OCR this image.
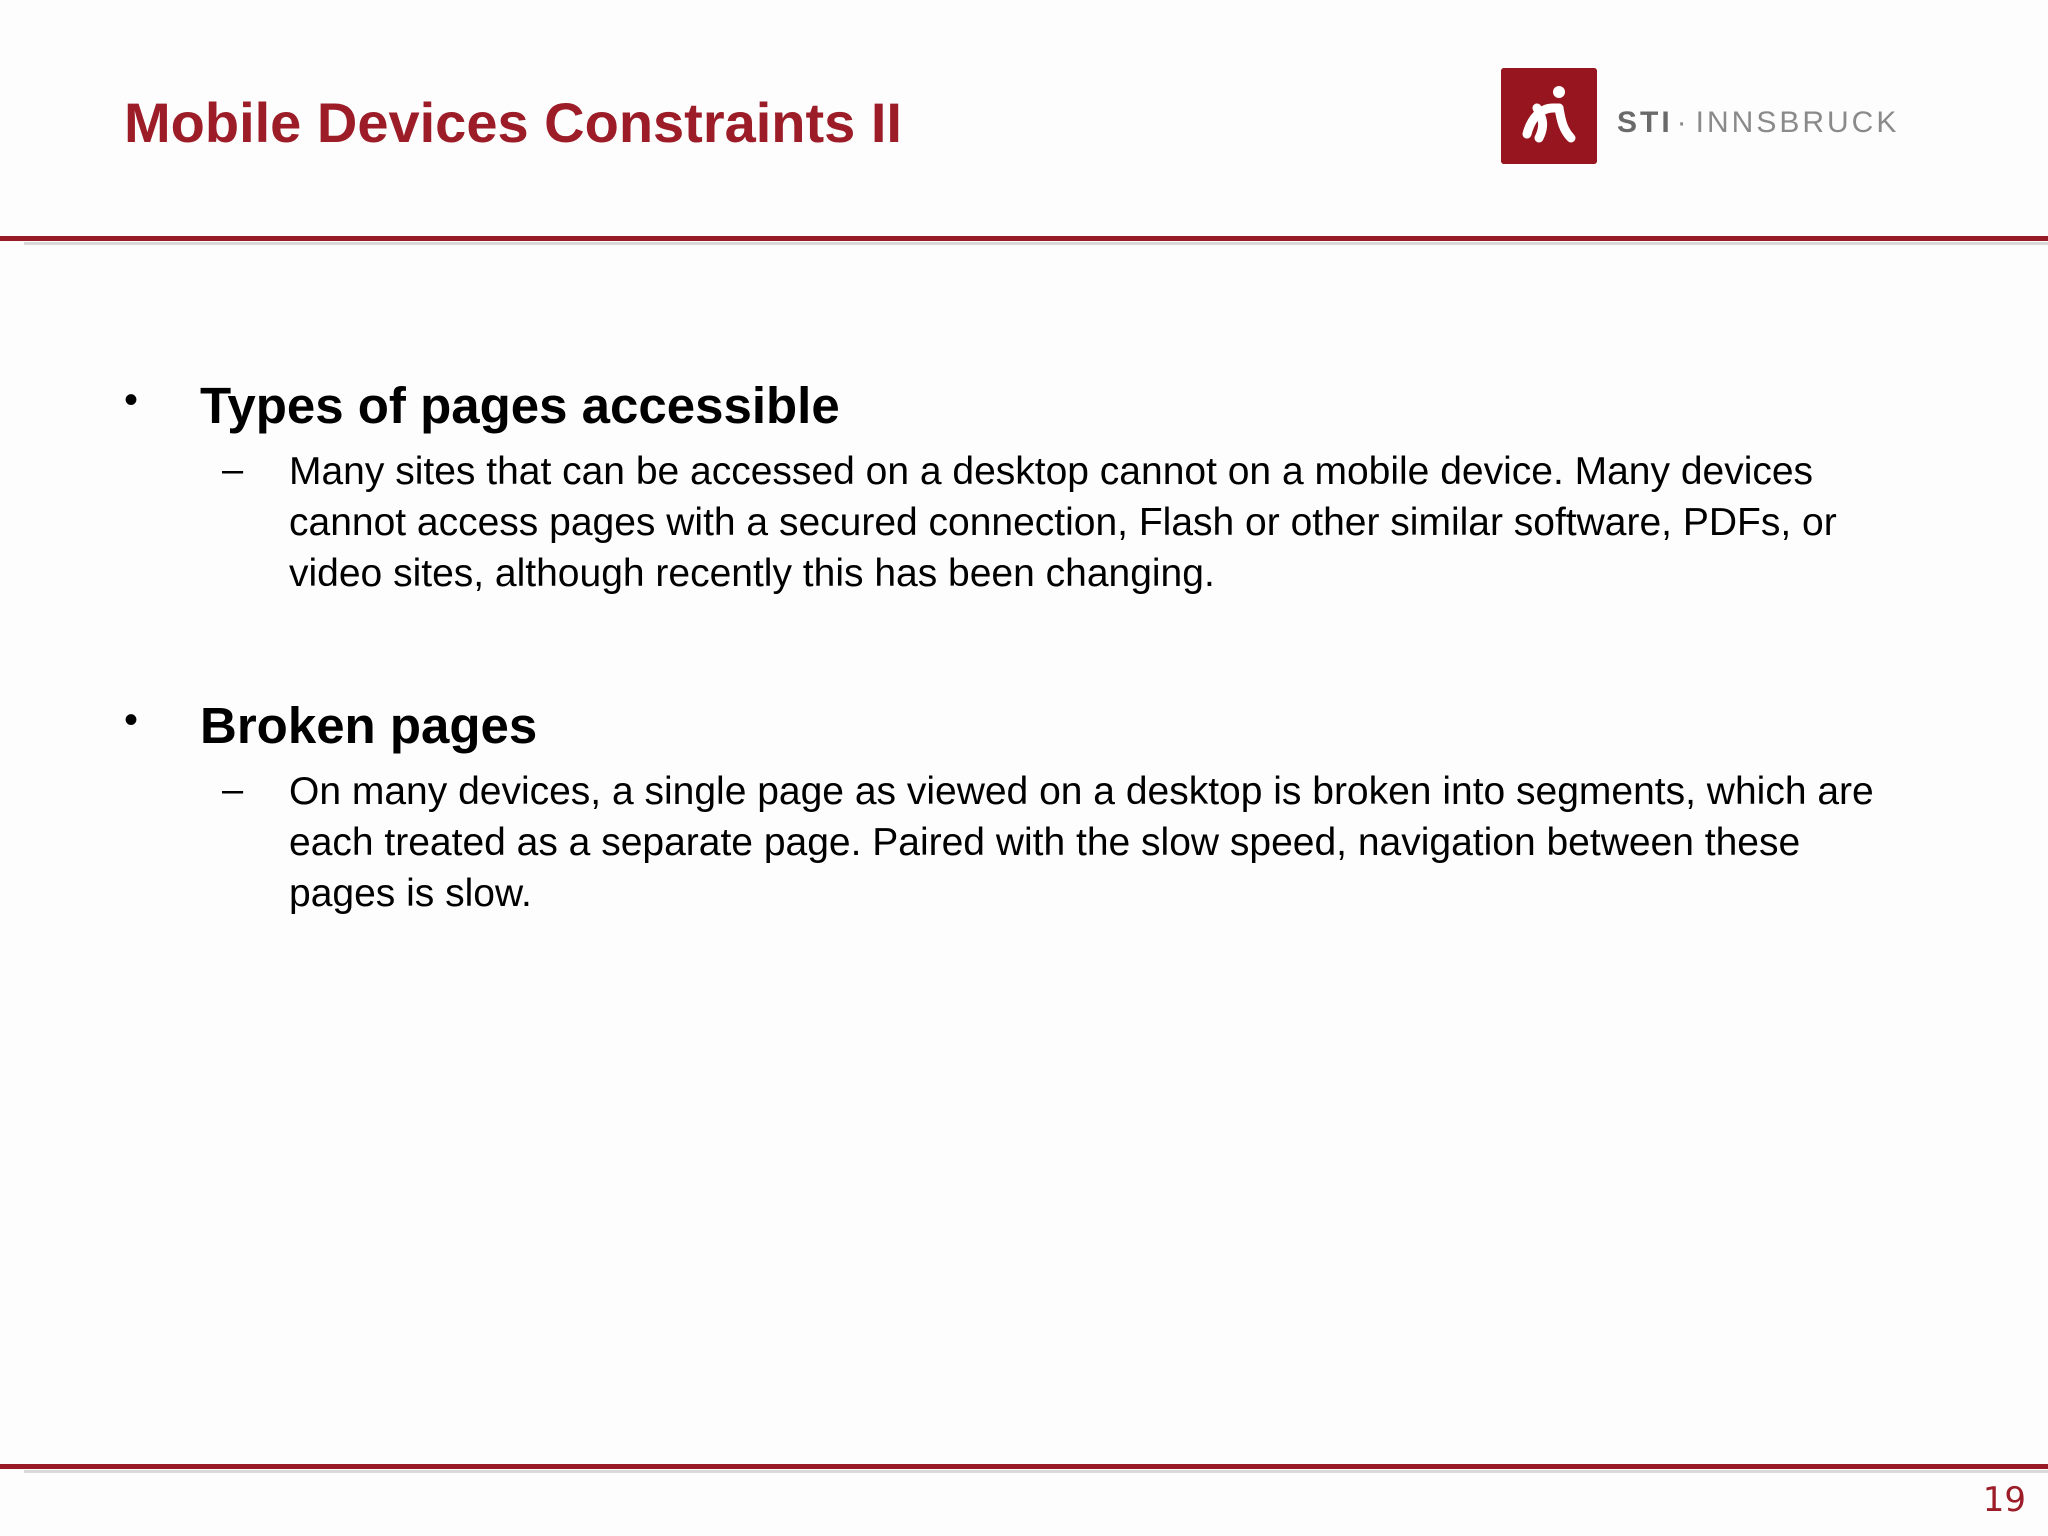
Mobile Devices Constraints II	STI · INNSBRUCK
• Types of pages accessible
– Many sites that can be accessed on a desktop cannot on a mobile device. Many devices cannot access pages with a secured connection, Flash or other similar software, PDFs, or video sites, although recently this has been changing.

• Broken pages
– On many devices, a single page as viewed on a desktop is broken into segments, which are each treated as a separate page. Paired with the slow speed, navigation between these pages is slow.

19
